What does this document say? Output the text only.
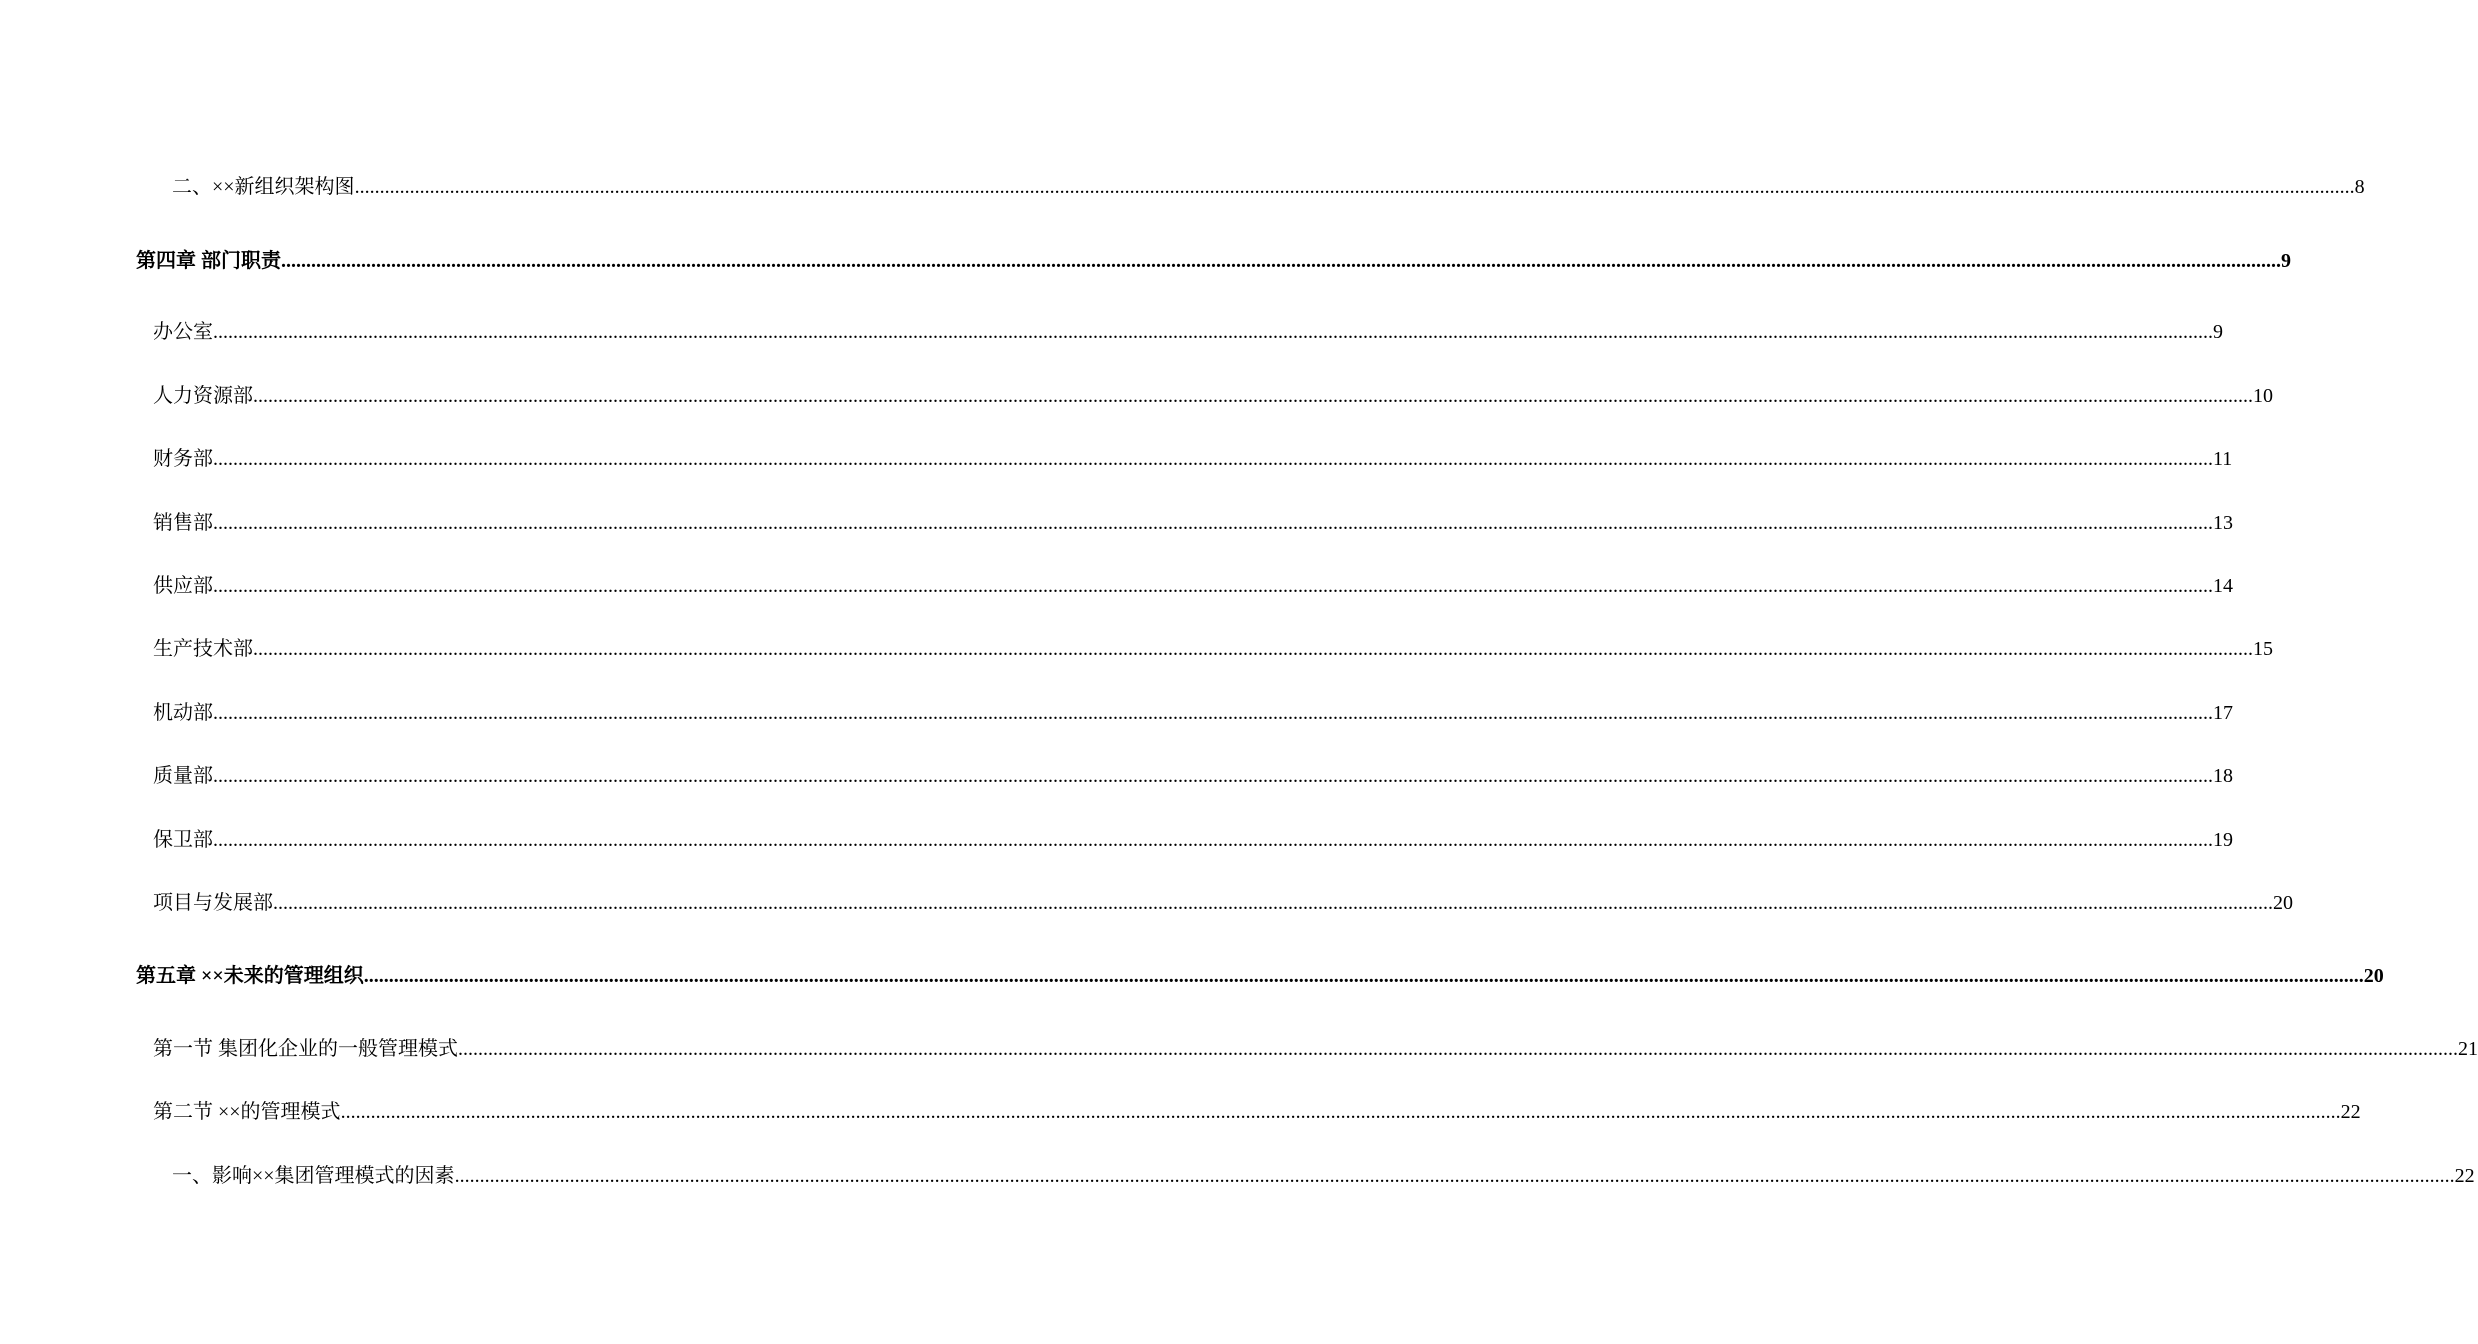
二、××新组织架构图 ................................................................................................................................................................................................................................................................................................................................................................................................................ 8
第四章 部门职责 ................................................................................................................................................................................................................................................................................................................................................................................................................ 9
办公室 ................................................................................................................................................................................................................................................................................................................................................................................................................ 9
人力资源部 ................................................................................................................................................................................................................................................................................................................................................................................................................ 10
财务部 ................................................................................................................................................................................................................................................................................................................................................................................................................ 11
销售部 ................................................................................................................................................................................................................................................................................................................................................................................................................ 13
供应部 ................................................................................................................................................................................................................................................................................................................................................................................................................ 14
生产技术部 ................................................................................................................................................................................................................................................................................................................................................................................................................ 15
机动部 ................................................................................................................................................................................................................................................................................................................................................................................................................ 17
质量部 ................................................................................................................................................................................................................................................................................................................................................................................................................ 18
保卫部 ................................................................................................................................................................................................................................................................................................................................................................................................................ 19
项目与发展部 ................................................................................................................................................................................................................................................................................................................................................................................................................ 20
第五章 ××未来的管理组织 ................................................................................................................................................................................................................................................................................................................................................................................................................ 20
第一节 集团化企业的一般管理模式 ................................................................................................................................................................................................................................................................................................................................................................................................................ 21
第二节 ××的管理模式 ................................................................................................................................................................................................................................................................................................................................................................................................................ 22
一、影响××集团管理模式的因素 ................................................................................................................................................................................................................................................................................................................................................................................................................ 22
